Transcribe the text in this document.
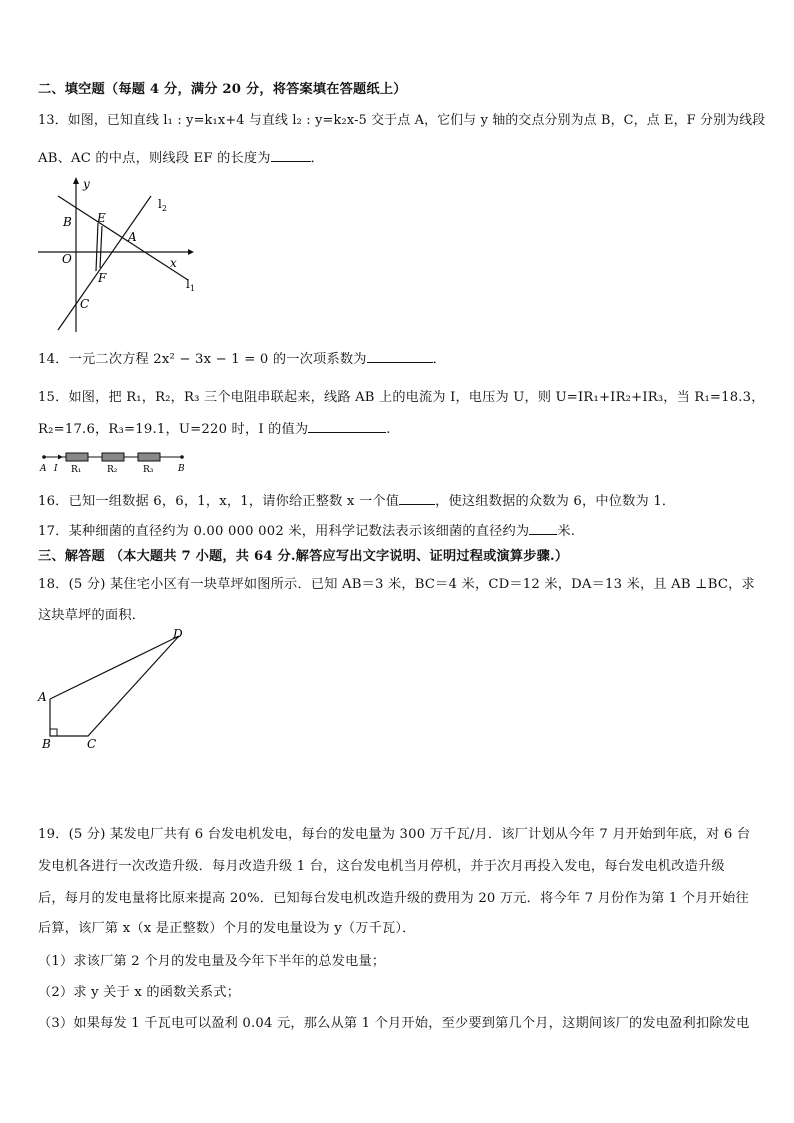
二、填空题（每题 4 分，满分 20 分，将答案填在答题纸上）
13．如图，已知直线 l₁ : y=k₁x+4 与直线 l₂ : y=k₂x-5 交于点 A，它们与 y 轴的交点分别为点 B，C，点 E，F 分别为线段
AB、AC 的中点，则线段 EF 的长度为	．
y
x
O
B E
A
F
C
$l_2$
$l_1$
14．一元二次方程 2x² − 3x − 1 = 0 的一次项系数为	．
15．如图，把 R₁，R₂，R₃ 三个电阻串联起来，线路 AB 上的电流为 I，电压为 U，则 U=IR₁+IR₂+IR₃，当 R₁=18.3，
R₂=17.6，R₃=19.1，U=220 时，I 的值为	.
A I R₁	R₂	R₃	B
16．已知一组数据 6，6，1，x，1，请你给正整数 x 一个值	，使这组数据的众数为 6，中位数为 1．
17．某种细菌的直径约为 0.00 000 002 米，用科学记数法表示该细菌的直径约为 米.
三、解答题 （本大题共 7 小题，共 64 分.解答应写出文字说明、证明过程或演算步骤.）
18．(5 分) 某住宅小区有一块草坪如图所示．已知 AB＝3 米，BC＝4 米，CD＝12 米，DA＝13 米，且 AB ⊥BC，求
这块草坪的面积．
D
A
B	C
19．(5 分) 某发电厂共有 6 台发电机发电，每台的发电量为 300 万千瓦/月．该厂计划从今年 7 月开始到年底，对 6 台
发电机各进行一次改造升级．每月改造升级 1 台，这台发电机当月停机，并于次月再投入发电，每台发电机改造升级
后，每月的发电量将比原来提高 20%．已知每台发电机改造升级的费用为 20 万元．将今年 7 月份作为第 1 个月开始往
后算，该厂第 x（x 是正整数）个月的发电量设为 y（万千瓦）．
（1）求该厂第 2 个月的发电量及今年下半年的总发电量；
（2）求 y 关于 x 的函数关系式；
（3）如果每发 1 千瓦电可以盈利 0.04 元，那么从第 1 个月开始，至少要到第几个月，这期间该厂的发电盈利扣除发电
